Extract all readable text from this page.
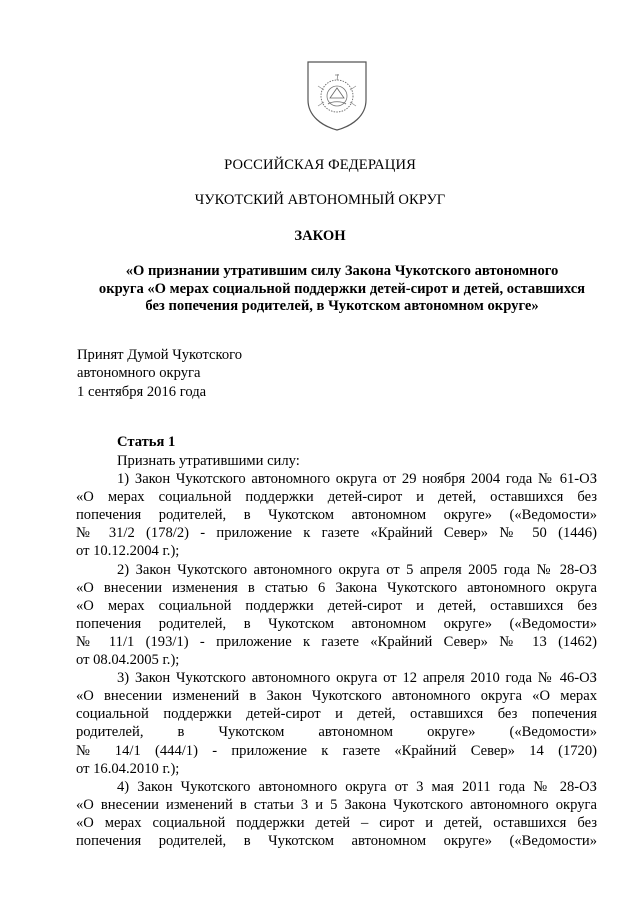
РОССИЙСКАЯ ФЕДЕРАЦИЯ
ЧУКОТСКИЙ АВТОНОМНЫЙ ОКРУГ
ЗАКОН
«О признании утратившим силу Закона Чукотского автономного
округа «О мерах социальной поддержки детей-сирот и детей, оставшихся
без попечения родителей, в Чукотском автономном округе»
Принят Думой Чукотского
автономного округа
1 сентября 2016 года
Статья 1
Признать утратившими силу:
1) Закон Чукотского автономного округа от 29 ноября 2004 года № 61-ОЗ
«О мерах социальной поддержки детей-сирот и детей, оставшихся без
попечения родителей, в Чукотском автономном округе» («Ведомости»
№ 31/2 (178/2) - приложение к газете «Крайний Север» № 50 (1446)
от 10.12.2004 г.);
2) Закон Чукотского автономного округа от 5 апреля 2005 года № 28-ОЗ
«О внесении изменения в статью 6 Закона Чукотского автономного округа
«О мерах социальной поддержки детей-сирот и детей, оставшихся без
попечения родителей, в Чукотском автономном округе» («Ведомости»
№ 11/1 (193/1) - приложение к газете «Крайний Север» № 13 (1462)
от 08.04.2005 г.);
3) Закон Чукотского автономного округа от 12 апреля 2010 года № 46-ОЗ
«О внесении изменений в Закон Чукотского автономного округа «О мерах
социальной поддержки детей-сирот и детей, оставшихся без попечения
родителей, в Чукотском автономном округе» («Ведомости»
№ 14/1 (444/1) - приложение к газете «Крайний Север» 14 (1720)
от 16.04.2010 г.);
4) Закон Чукотского автономного округа от 3 мая 2011 года № 28-ОЗ
«О внесении изменений в статьи 3 и 5 Закона Чукотского автономного округа
«О мерах социальной поддержки детей – сирот и детей, оставшихся без
попечения родителей, в Чукотском автономном округе» («Ведомости»
